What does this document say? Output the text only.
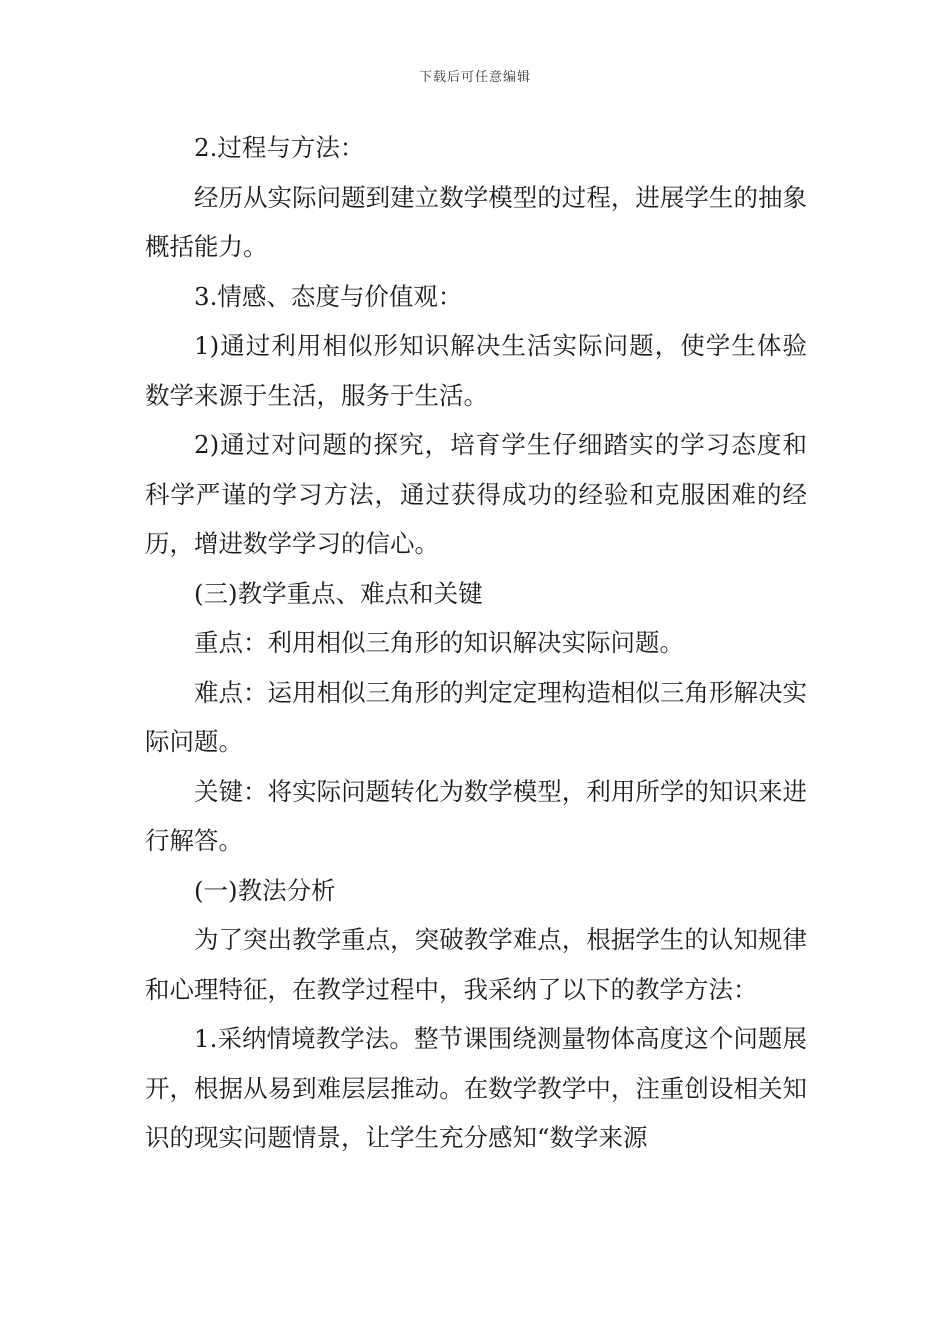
下载后可任意编辑

2.过程与方法：

经历从实际问题到建立数学模型的过程，进展学生的抽象概括能力。

3.情感、态度与价值观：

1)通过利用相似形知识解决生活实际问题，使学生体验数学来源于生活，服务于生活。

2)通过对问题的探究，培育学生仔细踏实的学习态度和科学严谨的学习方法，通过获得成功的经验和克服困难的经历，增进数学学习的信心。

(三)教学重点、难点和关键

重点：利用相似三角形的知识解决实际问题。

难点：运用相似三角形的判定定理构造相似三角形解决实际问题。

关键：将实际问题转化为数学模型，利用所学的知识来进行解答。

(一)教法分析

为了突出教学重点，突破教学难点，根据学生的认知规律和心理特征，在教学过程中，我采纳了以下的教学方法：

1.采纳情境教学法。整节课围绕测量物体高度这个问题展开，根据从易到难层层推动。在数学教学中，注重创设相关知识的现实问题情景，让学生充分感知“数学来源
